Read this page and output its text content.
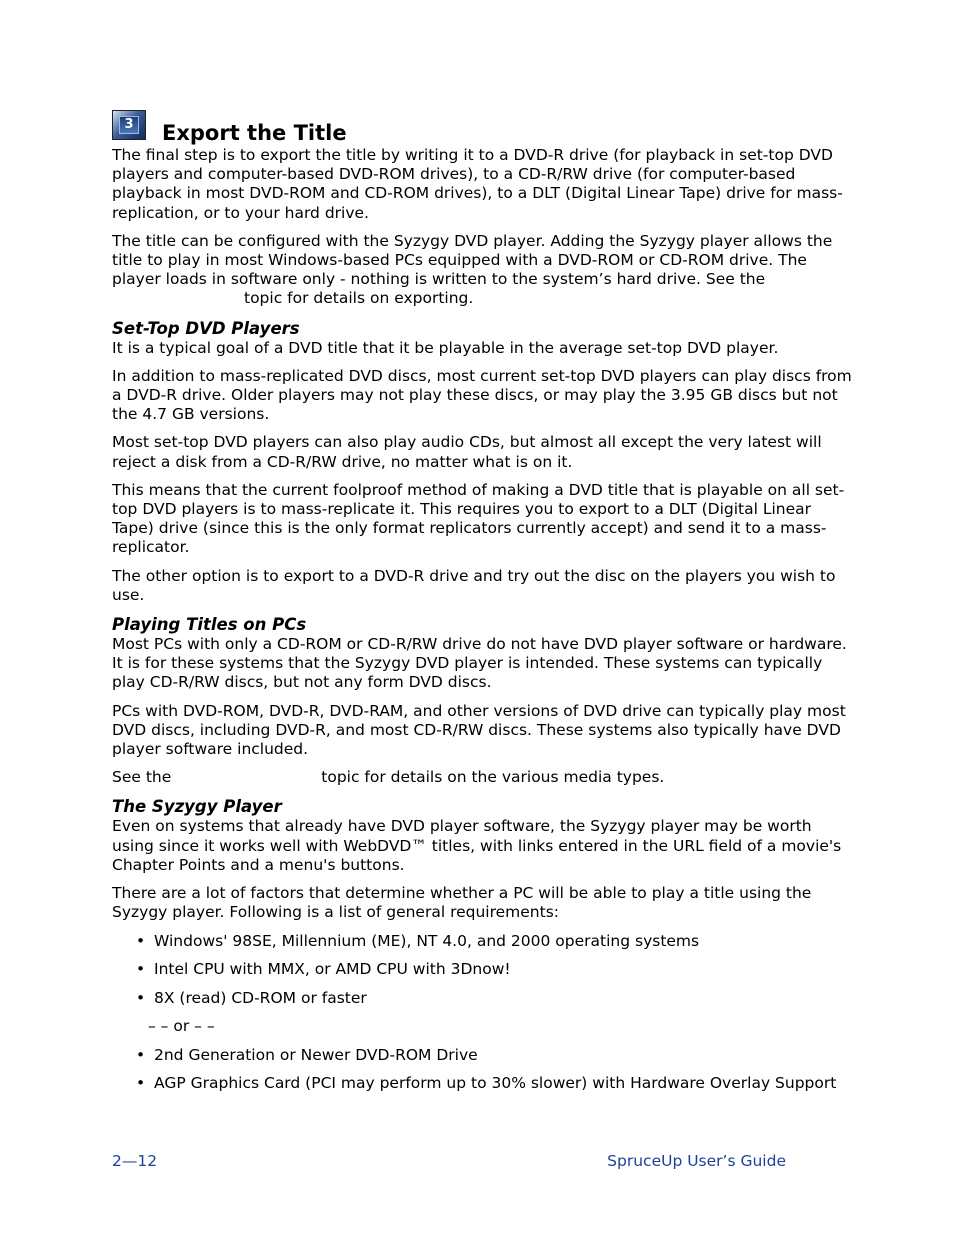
3 Export the Title

The final step is to export the title by writing it to a DVD-R drive (for playback in set-top DVD players and computer-based DVD-ROM drives), to a CD-R/RW drive (for computer-based playback in most DVD-ROM and CD-ROM drives), to a DLT (Digital Linear Tape) drive for mass-replication, or to your hard drive.

The title can be configured with the Syzygy DVD player. Adding the Syzygy player allows the title to play in most Windows-based PCs equipped with a DVD-ROM or CD-ROM drive. The player loads in software only - nothing is written to the system’s hard drive. See the
topic for details on exporting.

Set-Top DVD Players

It is a typical goal of a DVD title that it be playable in the average set-top DVD player.

In addition to mass-replicated DVD discs, most current set-top DVD players can play discs from a DVD-R drive. Older players may not play these discs, or may play the 3.95 GB discs but not the 4.7 GB versions.

Most set-top DVD players can also play audio CDs, but almost all except the very latest will reject a disk from a CD-R/RW drive, no matter what is on it.

This means that the current foolproof method of making a DVD title that is playable on all set-top DVD players is to mass-replicate it. This requires you to export to a DLT (Digital Linear Tape) drive (since this is the only format replicators currently accept) and send it to a mass-replicator.

The other option is to export to a DVD-R drive and try out the disc on the players you wish to use.

Playing Titles on PCs

Most PCs with only a CD-ROM or CD-R/RW drive do not have DVD player software or hardware. It is for these systems that the Syzygy DVD player is intended. These systems can typically play CD-R/RW discs, but not any form DVD discs.

PCs with DVD-ROM, DVD-R, DVD-RAM, and other versions of DVD drive can typically play most DVD discs, including DVD-R, and most CD-R/RW discs. These systems also typically have DVD player software included.

See the	topic for details on the various media types.

The Syzygy Player

Even on systems that already have DVD player software, the Syzygy player may be worth using since it works well with WebDVD™ titles, with links entered in the URL field of a movie's Chapter Points and a menu's buttons.

There are a lot of factors that determine whether a PC will be able to play a title using the Syzygy player. Following is a list of general requirements:

• Windows' 98SE, Millennium (ME), NT 4.0, and 2000 operating systems
• Intel CPU with MMX, or AMD CPU with 3Dnow!
• 8X (read) CD-ROM or faster
– – or – –
• 2nd Generation or Newer DVD-ROM Drive
• AGP Graphics Card (PCI may perform up to 30% slower) with Hardware Overlay Support
2—12	SpruceUp User’s Guide
